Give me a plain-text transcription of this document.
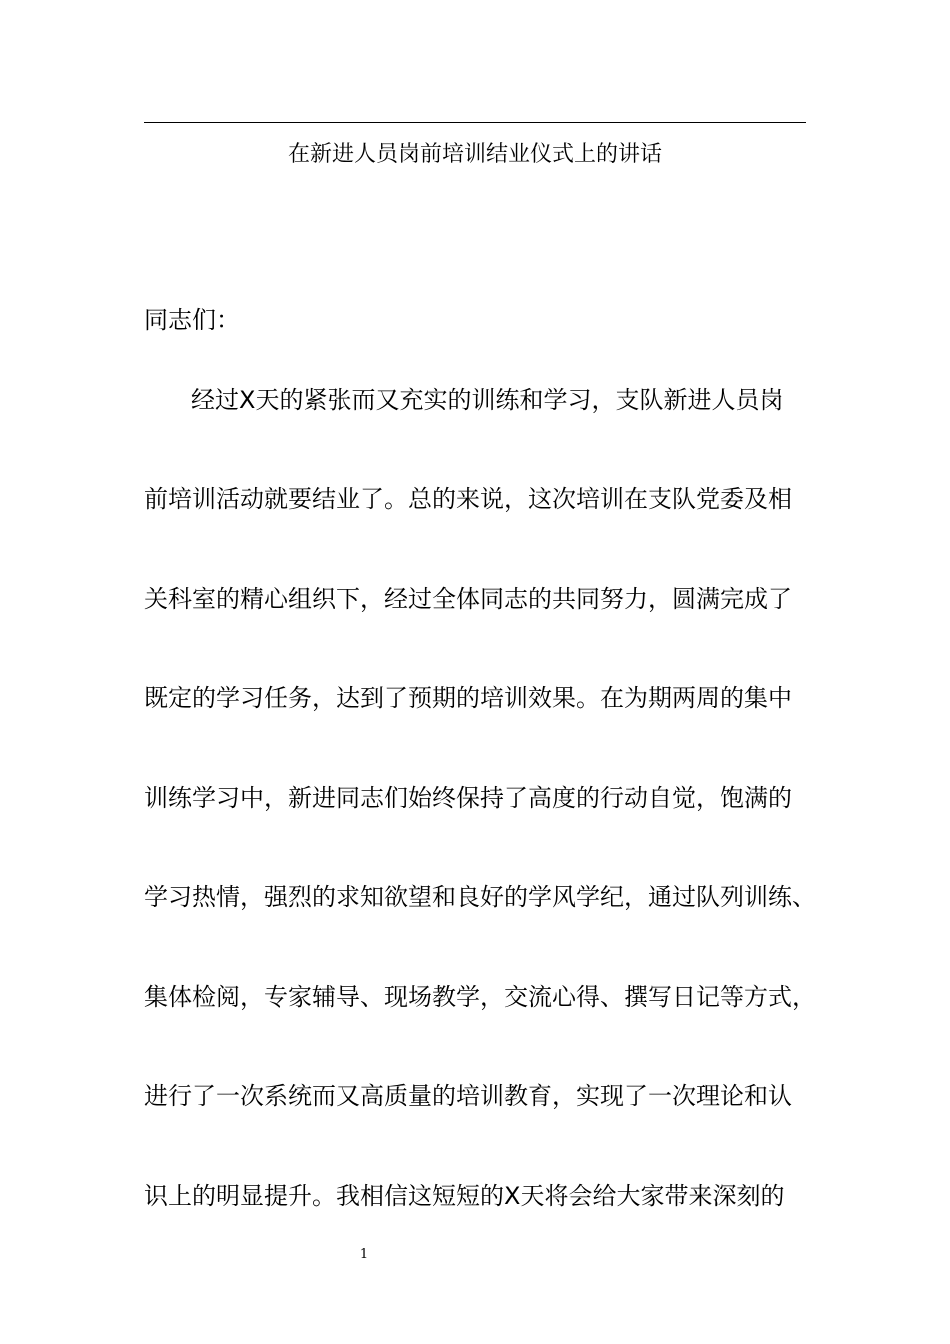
在新进人员岗前培训结业仪式上的讲话
同志们：
经过X天的紧张而又充实的训练和学习，支队新进人员岗
前培训活动就要结业了。总的来说，这次培训在支队党委及相
关科室的精心组织下，经过全体同志的共同努力，圆满完成了
既定的学习任务，达到了预期的培训效果。在为期两周的集中
训练学习中，新进同志们始终保持了高度的行动自觉，饱满的
学习热情，强烈的求知欲望和良好的学风学纪，通过队列训练、
集体检阅，专家辅导、现场教学，交流心得、撰写日记等方式，
进行了一次系统而又高质量的培训教育，实现了一次理论和认
识上的明显提升。我相信这短短的X天将会给大家带来深刻的
1
